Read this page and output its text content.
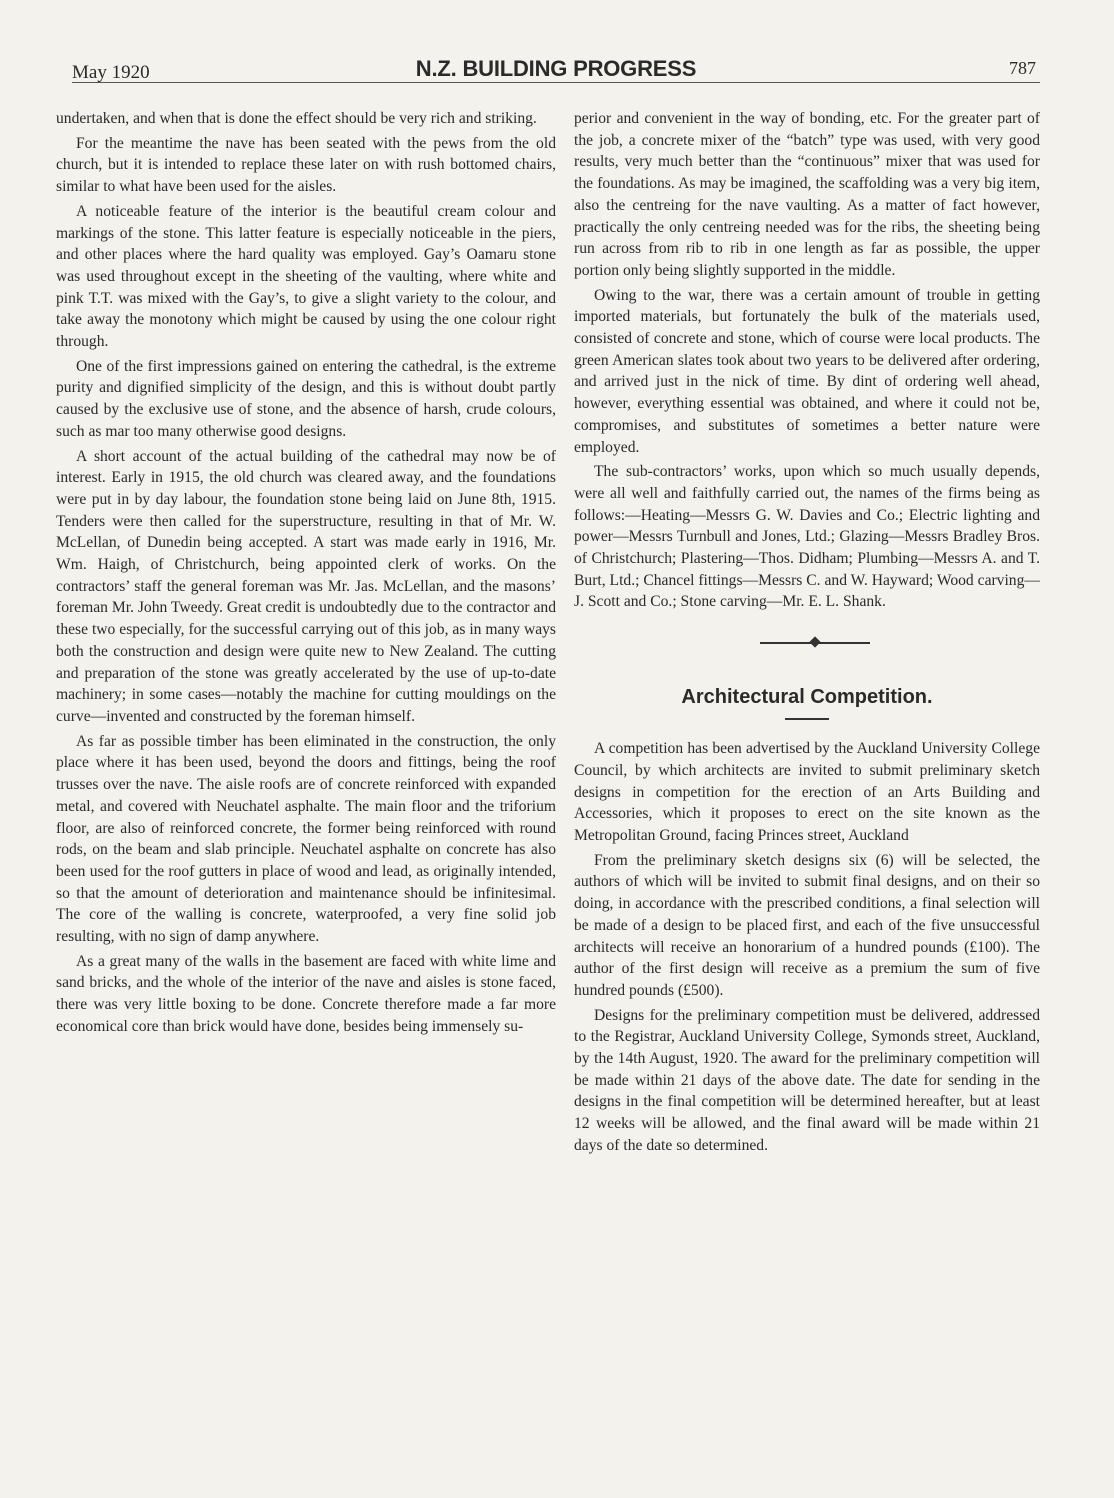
May 1920	N.Z. BUILDING PROGRESS	787

undertaken, and when that is done the effect should be very rich and striking.

For the meantime the nave has been seated with the pews from the old church, but it is intended to replace these later on with rush bottomed chairs, similar to what have been used for the aisles.

A noticeable feature of the interior is the beautiful cream colour and markings of the stone. This latter feature is especially noticeable in the piers, and other places where the hard quality was employed. Gay’s Oamaru stone was used throughout except in the sheeting of the vaulting, where white and pink T.T. was mixed with the Gay’s, to give a slight variety to the colour, and take away the monotony which might be caused by using the one colour right through.

One of the first impressions gained on entering the cathedral, is the extreme purity and dignified simplicity of the design, and this is without doubt partly caused by the exclusive use of stone, and the absence of harsh, crude colours, such as mar too many otherwise good designs.

A short account of the actual building of the cathedral may now be of interest. Early in 1915, the old church was cleared away, and the foundations were put in by day labour, the foundation stone being laid on June 8th, 1915. Tenders were then called for the superstructure, resulting in that of Mr. W. McLellan, of Dunedin being accepted. A start was made early in 1916, Mr. Wm. Haigh, of Christchurch, being appointed clerk of works. On the contractors’ staff the general foreman was Mr. Jas. McLellan, and the masons’ foreman Mr. John Tweedy. Great credit is undoubtedly due to the contractor and these two especially, for the successful carrying out of this job, as in many ways both the construction and design were quite new to New Zealand. The cutting and preparation of the stone was greatly accelerated by the use of up-to-date machinery; in some cases—notably the machine for cutting mouldings on the curve—invented and constructed by the foreman himself.

As far as possible timber has been eliminated in the construction, the only place where it has been used, beyond the doors and fittings, being the roof trusses over the nave. The aisle roofs are of concrete reinforced with expanded metal, and covered with Neuchatel asphalte. The main floor and the triforium floor, are also of reinforced concrete, the former being reinforced with round rods, on the beam and slab principle. Neuchatel asphalte on concrete has also been used for the roof gutters in place of wood and lead, as originally intended, so that the amount of deterioration and maintenance should be infinitesimal. The core of the walling is concrete, waterproofed, a very fine solid job resulting, with no sign of damp anywhere.

As a great many of the walls in the basement are faced with white lime and sand bricks, and the whole of the interior of the nave and aisles is stone faced, there was very little boxing to be done. Concrete therefore made a far more economical core than brick would have done, besides being immensely su-

perior and convenient in the way of bonding, etc. For the greater part of the job, a concrete mixer of the “batch” type was used, with very good results, very much better than the “continuous” mixer that was used for the foundations. As may be imagined, the scaffolding was a very big item, also the centreing for the nave vaulting. As a matter of fact however, practically the only centreing needed was for the ribs, the sheeting being run across from rib to rib in one length as far as possible, the upper portion only being slightly supported in the middle.

Owing to the war, there was a certain amount of trouble in getting imported materials, but fortunately the bulk of the materials used, consisted of concrete and stone, which of course were local products. The green American slates took about two years to be delivered after ordering, and arrived just in the nick of time. By dint of ordering well ahead, however, everything essential was obtained, and where it could not be, compromises, and substitutes of sometimes a better nature were employed.

The sub-contractors’ works, upon which so much usually depends, were all well and faithfully carried out, the names of the firms being as follows:—Heating—Messrs G. W. Davies and Co.; Electric lighting and power—Messrs Turnbull and Jones, Ltd.; Glazing—Messrs Bradley Bros. of Christchurch; Plastering—Thos. Didham; Plumbing—Messrs A. and T. Burt, Ltd.; Chancel fittings—Messrs C. and W. Hayward; Wood carving—J. Scott and Co.; Stone carving—Mr. E. L. Shank.

Architectural Competition.

A competition has been advertised by the Auckland University College Council, by which architects are invited to submit preliminary sketch designs in competition for the erection of an Arts Building and Accessories, which it proposes to erect on the site known as the Metropolitan Ground, facing Princes street, Auckland

From the preliminary sketch designs six (6) will be selected, the authors of which will be invited to submit final designs, and on their so doing, in accordance with the prescribed conditions, a final selection will be made of a design to be placed first, and each of the five unsuccessful architects will receive an honorarium of a hundred pounds (£100). The author of the first design will receive as a premium the sum of five hundred pounds (£500).

Designs for the preliminary competition must be delivered, addressed to the Registrar, Auckland University College, Symonds street, Auckland, by the 14th August, 1920. The award for the preliminary competition will be made within 21 days of the above date. The date for sending in the designs in the final competition will be determined hereafter, but at least 12 weeks will be allowed, and the final award will be made within 21 days of the date so determined.
